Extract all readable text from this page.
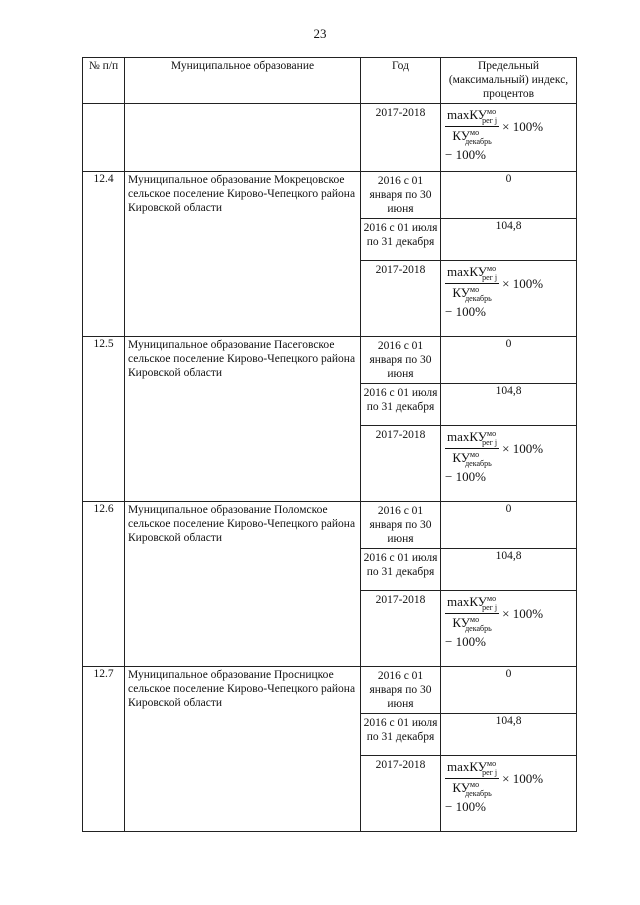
23
№ п/п	Муниципальное образование	Год	Предельный (максимальный) индекс, процентов
		2017-2018	$\frac{\max КУ^{мо}_{рег j}}{КУ^{мо}_{декабрь}} \times 100\%$
− 100%

12.4	Муниципальное образование Мокрецовское сельское поселение Кирово-Чепецкого района Кировской области	2016 с 01 января по 30 июня	0
		2016 с 01 июля по 31 декабря	104,8
		2017-2018	$\frac{\max КУ^{мо}_{рег j}}{КУ^{мо}_{декабрь}} \times 100\%$
− 100%

12.5	Муниципальное образование Пасеговское сельское поселение Кирово-Чепецкого района Кировской области	2016 с 01 января по 30 июня	0
		2016 с 01 июля по 31 декабря	104,8
		2017-2018	$\frac{\max КУ^{мо}_{рег j}}{КУ^{мо}_{декабрь}} \times 100\%$
− 100%

12.6	Муниципальное образование Поломское сельское поселение Кирово-Чепецкого района Кировской области	2016 с 01 января по 30 июня	0
		2016 с 01 июля по 31 декабря	104,8
		2017-2018	$\frac{\max КУ^{мо}_{рег j}}{КУ^{мо}_{декабрь}} \times 100\%$
− 100%

12.7	Муниципальное образование Просницкое сельское поселение Кирово-Чепецкого района Кировской области	2016 с 01 января по 30 июня	0
		2016 с 01 июля по 31 декабря	104,8
		2017-2018	$\frac{\max КУ^{мо}_{рег j}}{КУ^{мо}_{декабрь}} \times 100\%$
− 100%
